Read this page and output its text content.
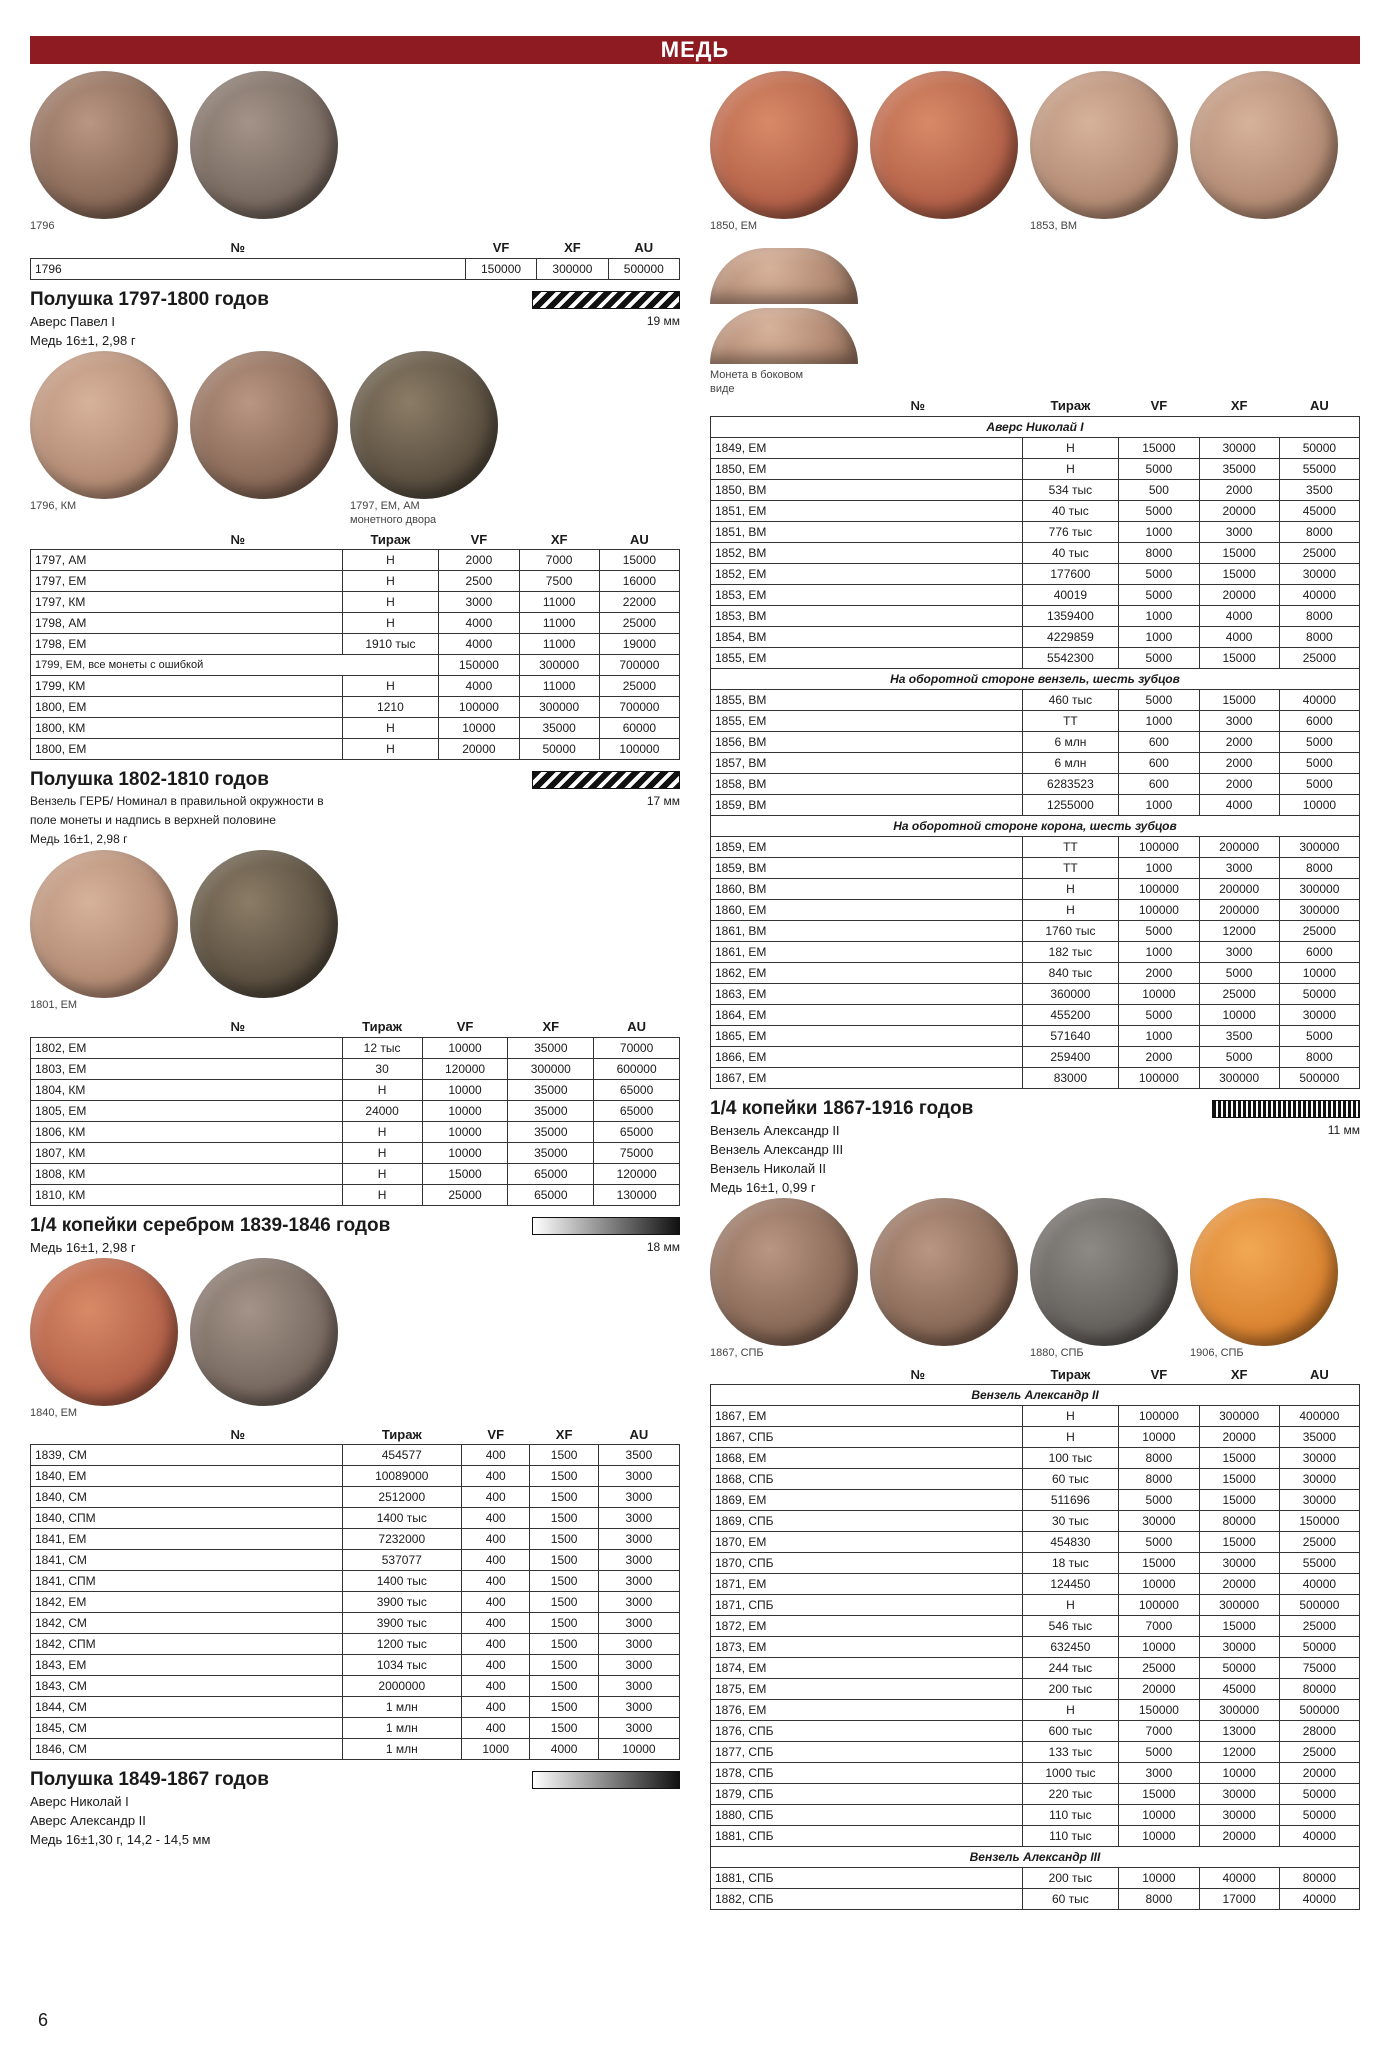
МЕДЬ
1796
№	VF	XF	AU
1796	150000	300000	500000
Полушка 1797-1800 годов
Аверс Павел I
Медь 16±1, 2,98 г
19 мм
1796, КМ	1797, ЕМ, АМ
монетного двора
№	Тираж	VF	XF	AU
1797, АМ	Н	2000	7000	15000
1797, ЕМ	Н	2500	7500	16000
1797, КМ	Н	3000	11000	22000
1798, АМ	Н	4000	11000	25000
1798, ЕМ	1910 тыс	4000	11000	19000
1799, ЕМ, все монеты с ошибкой		150000	300000	700000
1799, КМ	Н	4000	11000	25000
1800, ЕМ	1210	100000	300000	700000
1800, КМ	Н	10000	35000	60000
1800, ЕМ	Н	20000	50000	100000
Полушка 1802-1810 годов
Вензель ГЕРБ/ Номинал в правильной окружности в
поле монеты и надпись в верхней половине
Медь 16±1, 2,98 г
17 мм
1801, ЕМ
№	Тираж	VF	XF	AU
1802, ЕМ	12 тыс	10000	35000	70000
1803, ЕМ	30	120000	300000	600000
1804, КМ	Н	10000	35000	65000
1805, ЕМ	24000	10000	35000	65000
1806, КМ	Н	10000	35000	65000
1807, КМ	Н	10000	35000	75000
1808, КМ	Н	15000	65000	120000
1810, КМ	Н	25000	65000	130000
1/4 копейки серебром 1839-1846 годов
Медь 16±1, 2,98 г	18 мм
1840, ЕМ
№	Тираж	VF	XF	AU
1839, СМ	454577	400	1500	3500
1840, ЕМ	10089000	400	1500	3000
1840, СМ	2512000	400	1500	3000
1840, СПМ	1400 тыс	400	1500	3000
1841, ЕМ	7232000	400	1500	3000
1841, СМ	537077	400	1500	3000
1841, СПМ	1400 тыс	400	1500	3000
1842, ЕМ	3900 тыс	400	1500	3000
1842, СМ	3900 тыс	400	1500	3000
1842, СПМ	1200 тыс	400	1500	3000
1843, ЕМ	1034 тыс	400	1500	3000
1843, СМ	2000000	400	1500	3000
1844, СМ	1 млн	400	1500	3000
1845, СМ	1 млн	400	1500	3000
1846, СМ	1 млн	1000	4000	10000
Полушка 1849-1867 годов
Аверс Николай I
Аверс Александр II
Медь 16±1,30 г, 14,2 - 14,5 мм
1850, ЕМ	1853, ВМ
Монета в боковом
виде
№	Тираж	VF	XF	AU
Аверс Николай I				
1849, ЕМ	Н	15000	30000	50000
1850, ЕМ	Н	5000	35000	55000
1850, ВМ	534 тыс	500	2000	3500
1851, ЕМ	40 тыс	5000	20000	45000
1851, ВМ	776 тыс	1000	3000	8000
1852, ВМ	40 тыс	8000	15000	25000
1852, ЕМ	177600	5000	15000	30000
1853, ЕМ	40019	5000	20000	40000
1853, ВМ	1359400	1000	4000	8000
1854, ВМ	4229859	1000	4000	8000
1855, ЕМ	5542300	5000	15000	25000
На оборотной стороне вензель, шесть зубцов				
1855, ВМ	460 тыс	5000	15000	40000
1855, ЕМ	ТТ	1000	3000	6000
1856, ВМ	6 млн	600	2000	5000
1857, ВМ	6 млн	600	2000	5000
1858, ВМ	6283523	600	2000	5000
1859, ВМ	1255000	1000	4000	10000
На оборотной стороне корона, шесть зубцов				
1859, ЕМ	ТТ	100000	200000	300000
1859, ВМ	ТТ	1000	3000	8000
1860, ВМ	Н	100000	200000	300000
1860, ЕМ	Н	100000	200000	300000
1861, ВМ	1760 тыс	5000	12000	25000
1861, ЕМ	182 тыс	1000	3000	6000
1862, ЕМ	840 тыс	2000	5000	10000
1863, ЕМ	360000	10000	25000	50000
1864, ЕМ	455200	5000	10000	30000
1865, ЕМ	571640	1000	3500	5000
1866, ЕМ	259400	2000	5000	8000
1867, ЕМ	83000	100000	300000	500000
1/4 копейки 1867-1916 годов
Вензель Александр II
Вензель Александр III
Вензель Николай II
Медь 16±1, 0,99 г
11 мм
1867, СПБ	1880, СПБ	1906, СПБ
№	Тираж	VF	XF	AU
Вензель Александр II				
1867, ЕМ	Н	100000	300000	400000
1867, СПБ	Н	10000	20000	35000
1868, ЕМ	100 тыс	8000	15000	30000
1868, СПБ	60 тыс	8000	15000	30000
1869, ЕМ	511696	5000	15000	30000
1869, СПБ	30 тыс	30000	80000	150000
1870, ЕМ	454830	5000	15000	25000
1870, СПБ	18 тыс	15000	30000	55000
1871, ЕМ	124450	10000	20000	40000
1871, СПБ	Н	100000	300000	500000
1872, ЕМ	546 тыс	7000	15000	25000
1873, ЕМ	632450	10000	30000	50000
1874, ЕМ	244 тыс	25000	50000	75000
1875, ЕМ	200 тыс	20000	45000	80000
1876, ЕМ	Н	150000	300000	500000
1876, СПБ	600 тыс	7000	13000	28000
1877, СПБ	133 тыс	5000	12000	25000
1878, СПБ	1000 тыс	3000	10000	20000
1879, СПБ	220 тыс	15000	30000	50000
1880, СПБ	110 тыс	10000	30000	50000
1881, СПБ	110 тыс	10000	20000	40000
Вензель Александр III				
1881, СПБ	200 тыс	10000	40000	80000
1882, СПБ	60 тыс	8000	17000	40000
6
